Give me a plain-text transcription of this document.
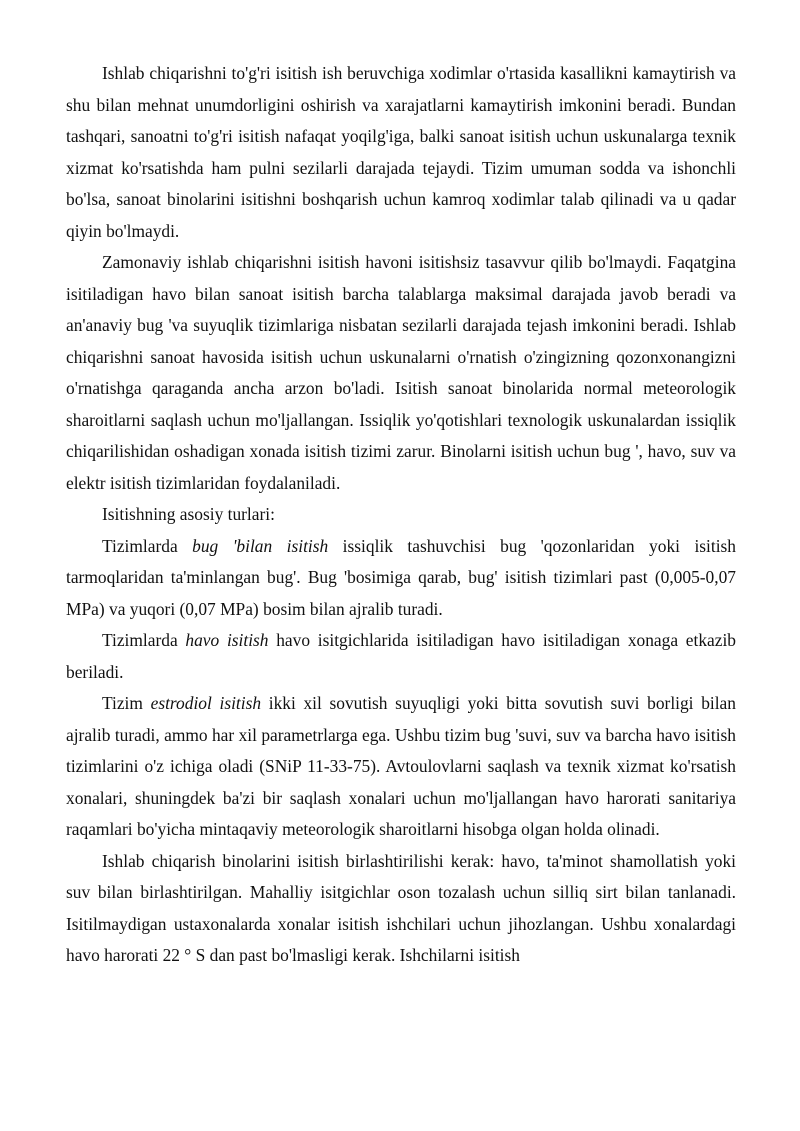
Ishlab chiqarishni to'g'ri isitish ish beruvchiga xodimlar o'rtasida kasallikni kamaytirish va shu bilan mehnat unumdorligini oshirish va xarajatlarni kamaytirish imkonini beradi. Bundan tashqari, sanoatni to'g'ri isitish nafaqat yoqilg'iga, balki sanoat isitish uchun uskunalarga texnik xizmat ko'rsatishda ham pulni sezilarli darajada tejaydi. Tizim umuman sodda va ishonchli bo'lsa, sanoat binolarini isitishni boshqarish uchun kamroq xodimlar talab qilinadi va u qadar qiyin bo'lmaydi.

Zamonaviy ishlab chiqarishni isitish havoni isitishsiz tasavvur qilib bo'lmaydi. Faqatgina isitiladigan havo bilan sanoat isitish barcha talablarga maksimal darajada javob beradi va an'anaviy bug 'va suyuqlik tizimlariga nisbatan sezilarli darajada tejash imkonini beradi. Ishlab chiqarishni sanoat havosida isitish uchun uskunalarni o'rnatish o'zingizning qozonxonangizni o'rnatishga qaraganda ancha arzon bo'ladi. Isitish sanoat binolarida normal meteorologik sharoitlarni saqlash uchun mo'ljallangan. Issiqlik yo'qotishlari texnologik uskunalardan issiqlik chiqarilishidan oshadigan xonada isitish tizimi zarur. Binolarni isitish uchun bug ', havo, suv va elektr isitish tizimlaridan foydalaniladi.

Isitishning asosiy turlari:

Tizimlarda bug 'bilan isitish issiqlik tashuvchisi bug 'qozonlaridan yoki isitish tarmoqlaridan ta'minlangan bug'. Bug 'bosimiga qarab, bug' isitish tizimlari past (0,005-0,07 MPa) va yuqori (0,07 MPa) bosim bilan ajralib turadi.

Tizimlarda havo isitish havo isitgichlarida isitiladigan havo isitiladigan xonaga etkazib beriladi.

Tizim estrodiol isitish ikki xil sovutish suyuqligi yoki bitta sovutish suvi borligi bilan ajralib turadi, ammo har xil parametrlarga ega. Ushbu tizim bug 'suvi, suv va barcha havo isitish tizimlarini o'z ichiga oladi (SNiP 11-33-75). Avtoulovlarni saqlash va texnik xizmat ko'rsatish xonalari, shuningdek ba'zi bir saqlash xonalari uchun mo'ljallangan havo harorati sanitariya raqamlari bo'yicha mintaqaviy meteorologik sharoitlarni hisobga olgan holda olinadi.

Ishlab chiqarish binolarini isitish birlashtirilishi kerak: havo, ta'minot shamollatish yoki suv bilan birlashtirilgan. Mahalliy isitgichlar oson tozalash uchun silliq sirt bilan tanlanadi. Isitilmaydigan ustaxonalarda xonalar isitish ishchilari uchun jihozlangan. Ushbu xonalardagi havo harorati 22 ° S dan past bo'lmasligi kerak. Ishchilarni isitish
